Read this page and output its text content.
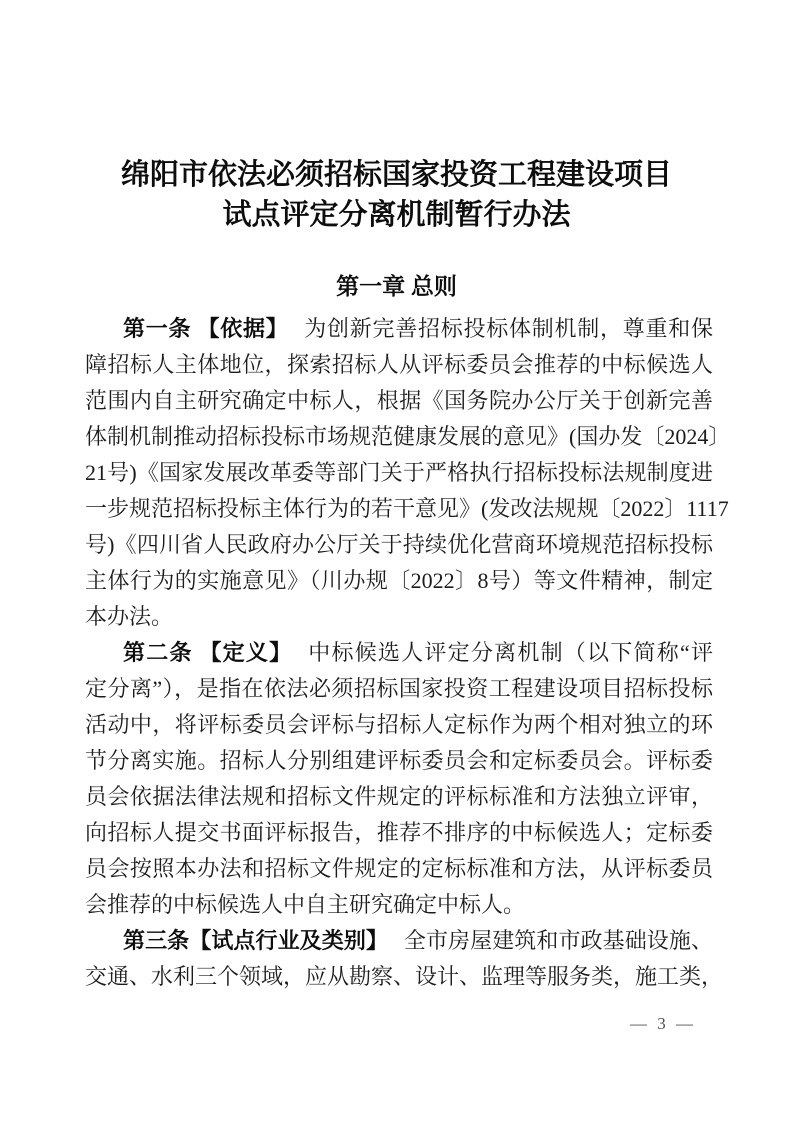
绵阳市依法必须招标国家投资工程建设项目
试点评定分离机制暂行办法
第一章 总则
第一条 【依据】 为创新完善招标投标体制机制，尊重和保
障招标人主体地位，探索招标人从评标委员会推荐的中标候选人
范围内自主研究确定中标人，根据《国务院办公厅关于创新完善
体制机制推动招标投标市场规范健康发展的意见》(国办发〔2024〕
21号)《国家发展改革委等部门关于严格执行招标投标法规制度进
一步规范招标投标主体行为的若干意见》(发改法规规〔2022〕1117
号)《四川省人民政府办公厅关于持续优化营商环境规范招标投标
主体行为的实施意见》（川办规〔2022〕8号）等文件精神，制定
本办法。
第二条 【定义】 中标候选人评定分离机制（以下简称“评
定分离”），是指在依法必须招标国家投资工程建设项目招标投标
活动中，将评标委员会评标与招标人定标作为两个相对独立的环
节分离实施。招标人分别组建评标委员会和定标委员会。评标委
员会依据法律法规和招标文件规定的评标标准和方法独立评审，
向招标人提交书面评标报告，推荐不排序的中标候选人；定标委
员会按照本办法和招标文件规定的定标标准和方法，从评标委员
会推荐的中标候选人中自主研究确定中标人。
第三条【试点行业及类别】 全市房屋建筑和市政基础设施、
交通、水利三个领域，应从勘察、设计、监理等服务类，施工类，
— 3 —
